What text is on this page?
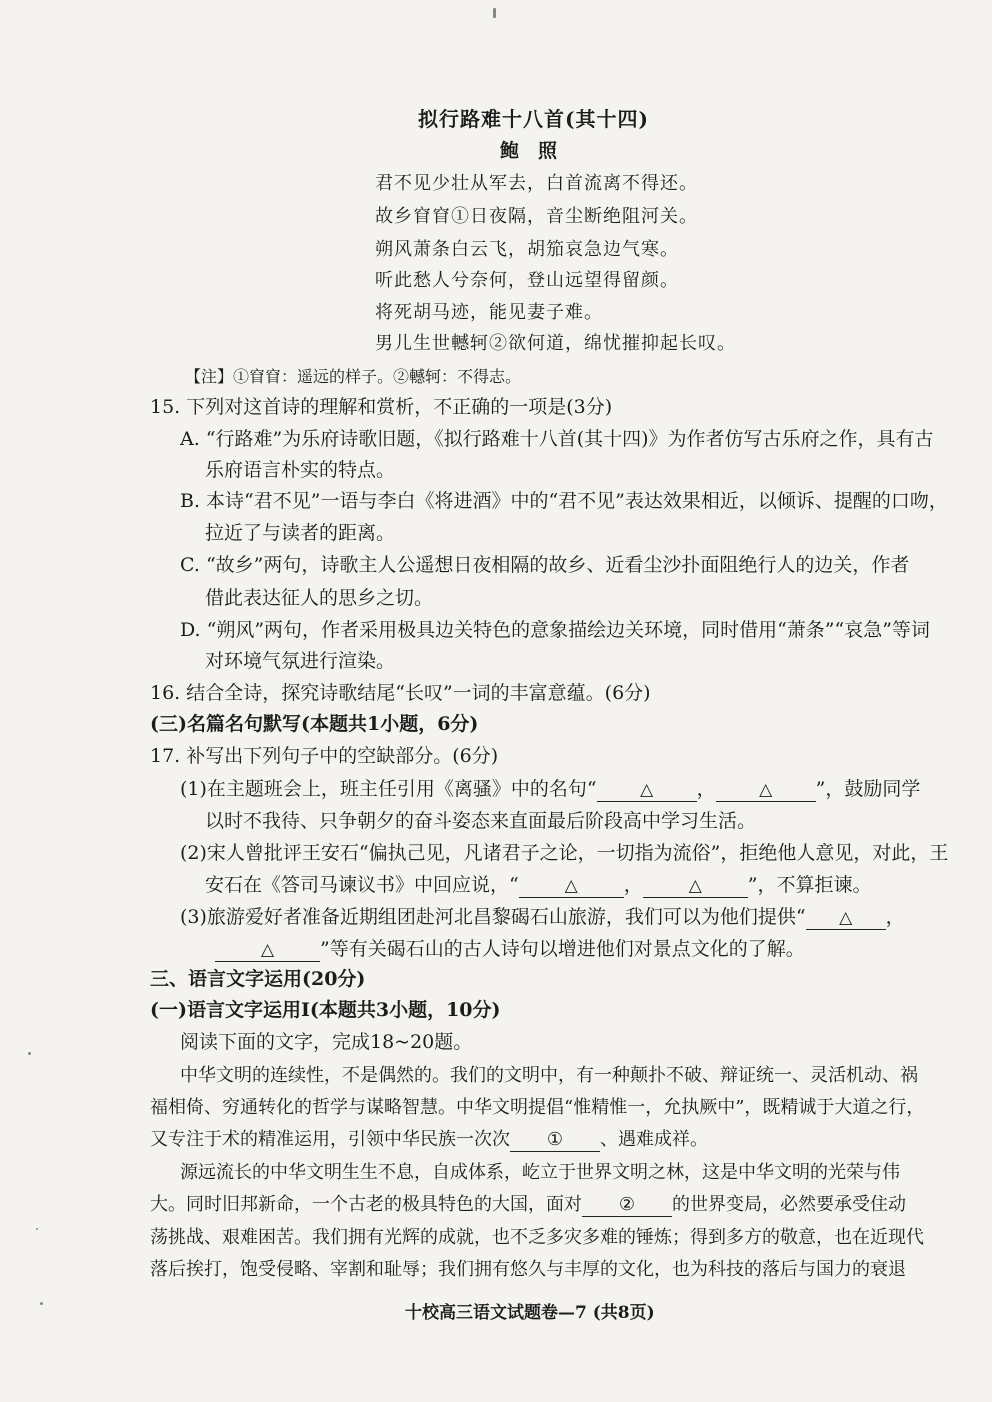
拟行路难十八首(其十四)
鲍　照
君不见少壮从军去，白首流离不得还。
故乡窅窅①日夜隔，音尘断绝阻河关。
朔风萧条白云飞，胡笳哀急边气寒。
听此愁人兮奈何，登山远望得留颜。
将死胡马迹，能见妻子难。
男儿生世轗轲②欲何道，绵忧摧抑起长叹。
【注】①窅窅：遥远的样子。②轗轲：不得志。
15. 下列对这首诗的理解和赏析，不正确的一项是(3分)
A. “行路难”为乐府诗歌旧题，《拟行路难十八首(其十四)》为作者仿写古乐府之作，具有古
乐府语言朴实的特点。
B. 本诗“君不见”一语与李白《将进酒》中的“君不见”表达效果相近，以倾诉、提醒的口吻，
拉近了与读者的距离。
C. “故乡”两句，诗歌主人公遥想日夜相隔的故乡、近看尘沙扑面阻绝行人的边关，作者
借此表达征人的思乡之切。
D. “朔风”两句，作者采用极具边关特色的意象描绘边关环境，同时借用“萧条”“哀急”等词
对环境气氛进行渲染。
16. 结合全诗，探究诗歌结尾“长叹”一词的丰富意蕴。(6分)
(三)名篇名句默写(本题共1小题，6分)
17. 补写出下列句子中的空缺部分。(6分)
(1)在主题班会上，班主任引用《离骚》中的名句“	△ ，	△ ”，鼓励同学
以时不我待、只争朝夕的奋斗姿态来直面最后阶段高中学习生活。
(2)宋人曾批评王安石“偏执己见，凡诸君子之论，一切指为流俗”，拒绝他人意见，对此，王
安石在《答司马谏议书》中回应说，“	△ ，	△ ”，不算拒谏。
(3)旅游爱好者准备近期组团赴河北昌黎碣石山旅游，我们可以为他们提供“ △ ，
△ ”等有关碣石山的古人诗句以增进他们对景点文化的了解。
三、语言文字运用(20分)
(一)语言文字运用Ⅰ(本题共3小题，10分)
阅读下面的文字，完成18~20题。
中华文明的连续性，不是偶然的。我们的文明中，有一种颠扑不破、辩证统一、灵活机动、祸
福相倚、穷通转化的哲学与谋略智慧。中华文明提倡“惟精惟一，允执厥中”，既精诚于大道之行，
又专注于术的精准运用，引领中华民族一次次 ① 、遇难成祥。
源远流长的中华文明生生不息，自成体系，屹立于世界文明之林，这是中华文明的光荣与伟
大。同时旧邦新命，一个古老的极具特色的大国，面对 ② 的世界变局，必然要承受住动
荡挑战、艰难困苦。我们拥有光辉的成就，也不乏多灾多难的锤炼；得到多方的敬意，也在近现代
落后挨打，饱受侵略、宰割和耻辱；我们拥有悠久与丰厚的文化，也为科技的落后与国力的衰退
十校高三语文试题卷—7 (共8页)
